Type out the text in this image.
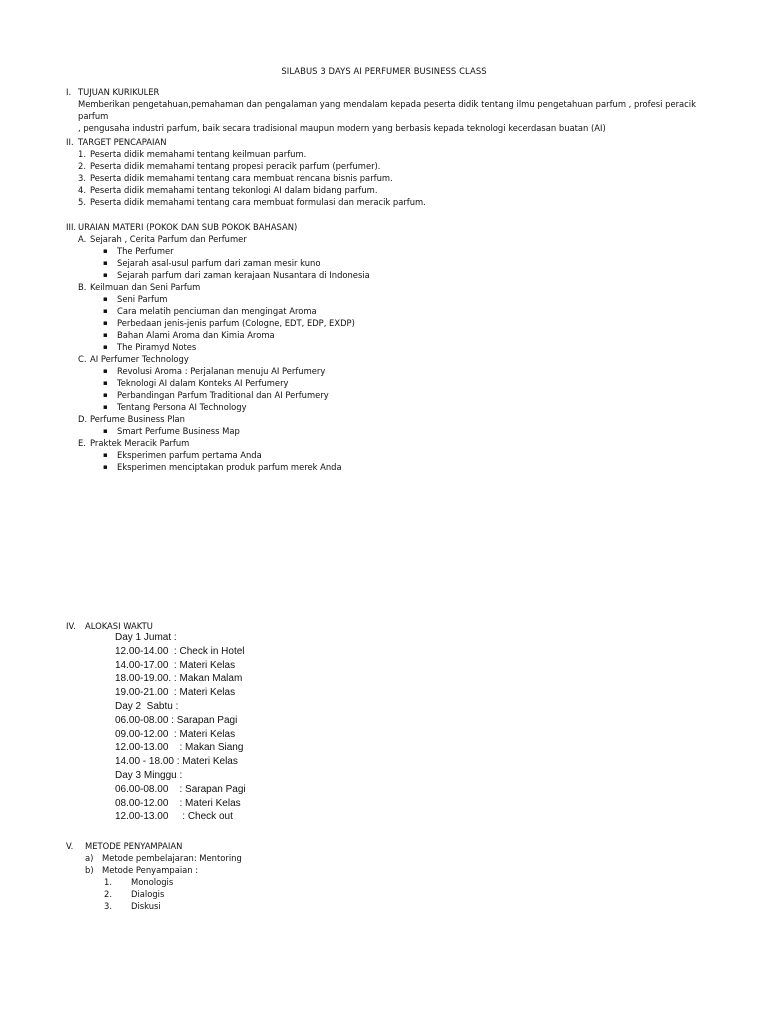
SILABUS 3 DAYS AI PERFUMER BUSINESS CLASS
I. TUJUAN KURIKULER
Memberikan pengetahuan,pemahaman dan pengalaman yang mendalam kepada peserta didik tentang ilmu pengetahuan parfum , profesi peracik parfum
, pengusaha industri parfum, baik secara tradisional maupun modern yang berbasis kepada teknologi kecerdasan buatan (AI)
II. TARGET PENCAPAIAN
1. Peserta didik memahami tentang keilmuan parfum.
2. Peserta didik memahami tentang propesi peracik parfum (perfumer).
3. Peserta didik memahami tentang cara membuat rencana bisnis parfum.
4. Peserta didik memahami tentang tekonlogi AI dalam bidang parfum.
5. Peserta didik memahami tentang cara membuat formulasi dan meracik parfum.
III. URAIAN MATERI (POKOK DAN SUB POKOK BAHASAN)
A. Sejarah , Cerita Parfum dan Perfumer
▪	The Perfumer
▪	Sejarah asal-usul parfum dari zaman mesir kuno
▪	Sejarah parfum dari zaman kerajaan Nusantara di Indonesia
B. Keilmuan dan Seni Parfum
▪	Seni Parfum
▪	Cara melatih penciuman dan mengingat Aroma
▪	Perbedaan jenis-jenis parfum (Cologne, EDT, EDP, EXDP)
▪	Bahan Alami Aroma dan Kimia Aroma
▪	The Piramyd Notes
C. AI Perfumer Technology
▪	Revolusi Aroma : Perjalanan menuju AI Perfumery
▪	Teknologi AI dalam Konteks AI Perfumery
▪	Perbandingan Parfum Traditional dan AI Perfumery
▪	Tentang Persona AI Technology
D. Perfume Business Plan
▪	Smart Perfume Business Map
E. Praktek Meracik Parfum
▪	Eksperimen parfum pertama Anda
▪	Eksperimen menciptakan produk parfum merek Anda
IV.	ALOKASI WAKTU
Day 1 Jumat :
12.00-14.00  : Check in Hotel
14.00-17.00  : Materi Kelas
18.00-19.00. : Makan Malam
19.00-21.00  : Materi Kelas
Day 2  Sabtu :
06.00-08.00 : Sarapan Pagi
09.00-12.00  : Materi Kelas
12.00-13.00    : Makan Siang
14.00 - 18.00 : Materi Kelas
Day 3 Minggu :
06.00-08.00    : Sarapan Pagi
08.00-12.00    : Materi Kelas
12.00-13.00     : Check out
V.	METODE PENYAMPAIAN
a)	Metode pembelajaran: Mentoring
b)	Metode Penyampaian :
1.	Monologis
2.	Dialogis
3.	Diskusi
